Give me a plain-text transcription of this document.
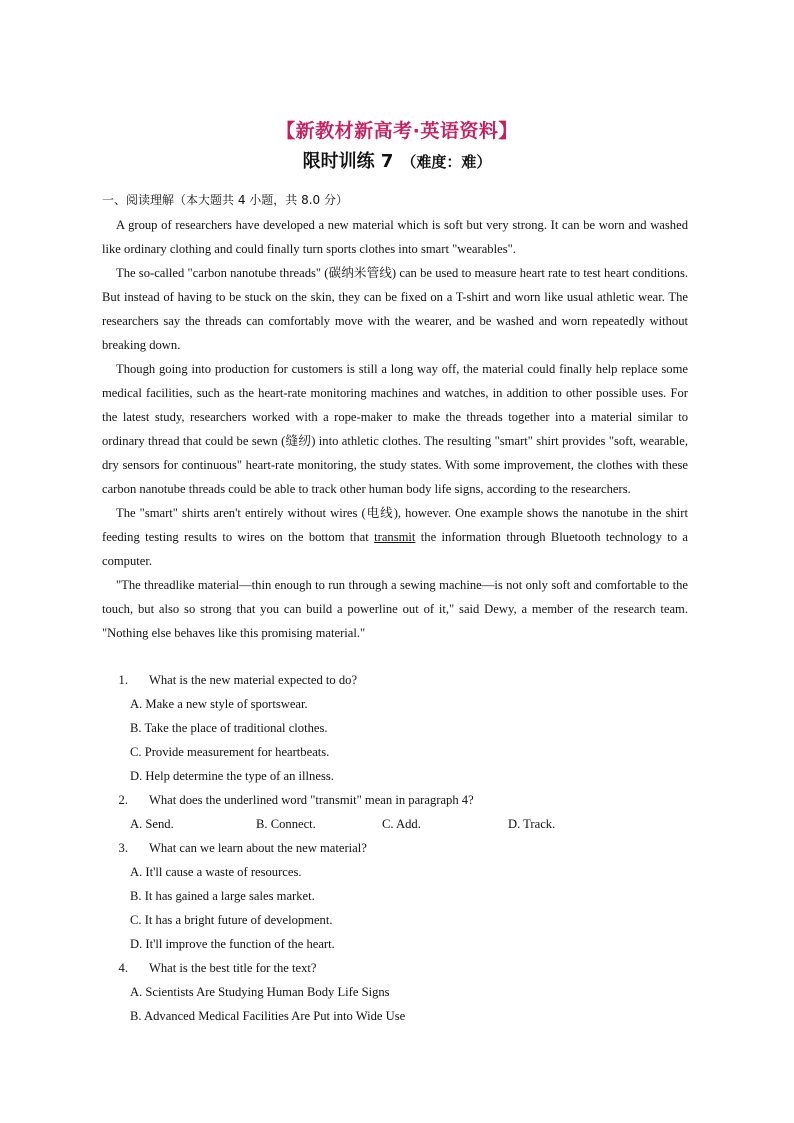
【新教材新高考·英语资料】
限时训练 7 （难度：难）
一、阅读理解（本大题共 4 小题，共 8.0 分）

A group of researchers have developed a new material which is soft but very strong. It can be worn and washed like ordinary clothing and could finally turn sports clothes into smart "wearables".

The so-called "carbon nanotube threads" (碳纳米管线) can be used to measure heart rate to test heart conditions. But instead of having to be stuck on the skin, they can be fixed on a T-shirt and worn like usual athletic wear. The researchers say the threads can comfortably move with the wearer, and be washed and worn repeatedly without breaking down.

Though going into production for customers is still a long way off, the material could finally help replace some medical facilities, such as the heart-rate monitoring machines and watches, in addition to other possible uses. For the latest study, researchers worked with a rope-maker to make the threads together into a material similar to ordinary thread that could be sewn (缝纫) into athletic clothes. The resulting "smart" shirt provides "soft, wearable, dry sensors for continuous" heart-rate monitoring, the study states. With some improvement, the clothes with these carbon nanotube threads could be able to track other human body life signs, according to the researchers.

The "smart" shirts aren't entirely without wires (电线), however. One example shows the nanotube in the shirt feeding testing results to wires on the bottom that transmit the information through Bluetooth technology to a computer.

"The threadlike material—thin enough to run through a sewing machine—is not only soft and comfortable to the touch, but also so strong that you can build a powerline out of it," said Dewy, a member of the research team. "Nothing else behaves like this promising material."

1. What is the new material expected to do?
A. Make a new style of sportswear.
B. Take the place of traditional clothes.
C. Provide measurement for heartbeats.
D. Help determine the type of an illness.
2. What does the underlined word "transmit" mean in paragraph 4?
A. Send.	B. Connect.	C. Add.	D. Track.
3. What can we learn about the new material?
A. It'll cause a waste of resources.
B. It has gained a large sales market.
C. It has a bright future of development.
D. It'll improve the function of the heart.
4. What is the best title for the text?
A. Scientists Are Studying Human Body Life Signs
B. Advanced Medical Facilities Are Put into Wide Use
